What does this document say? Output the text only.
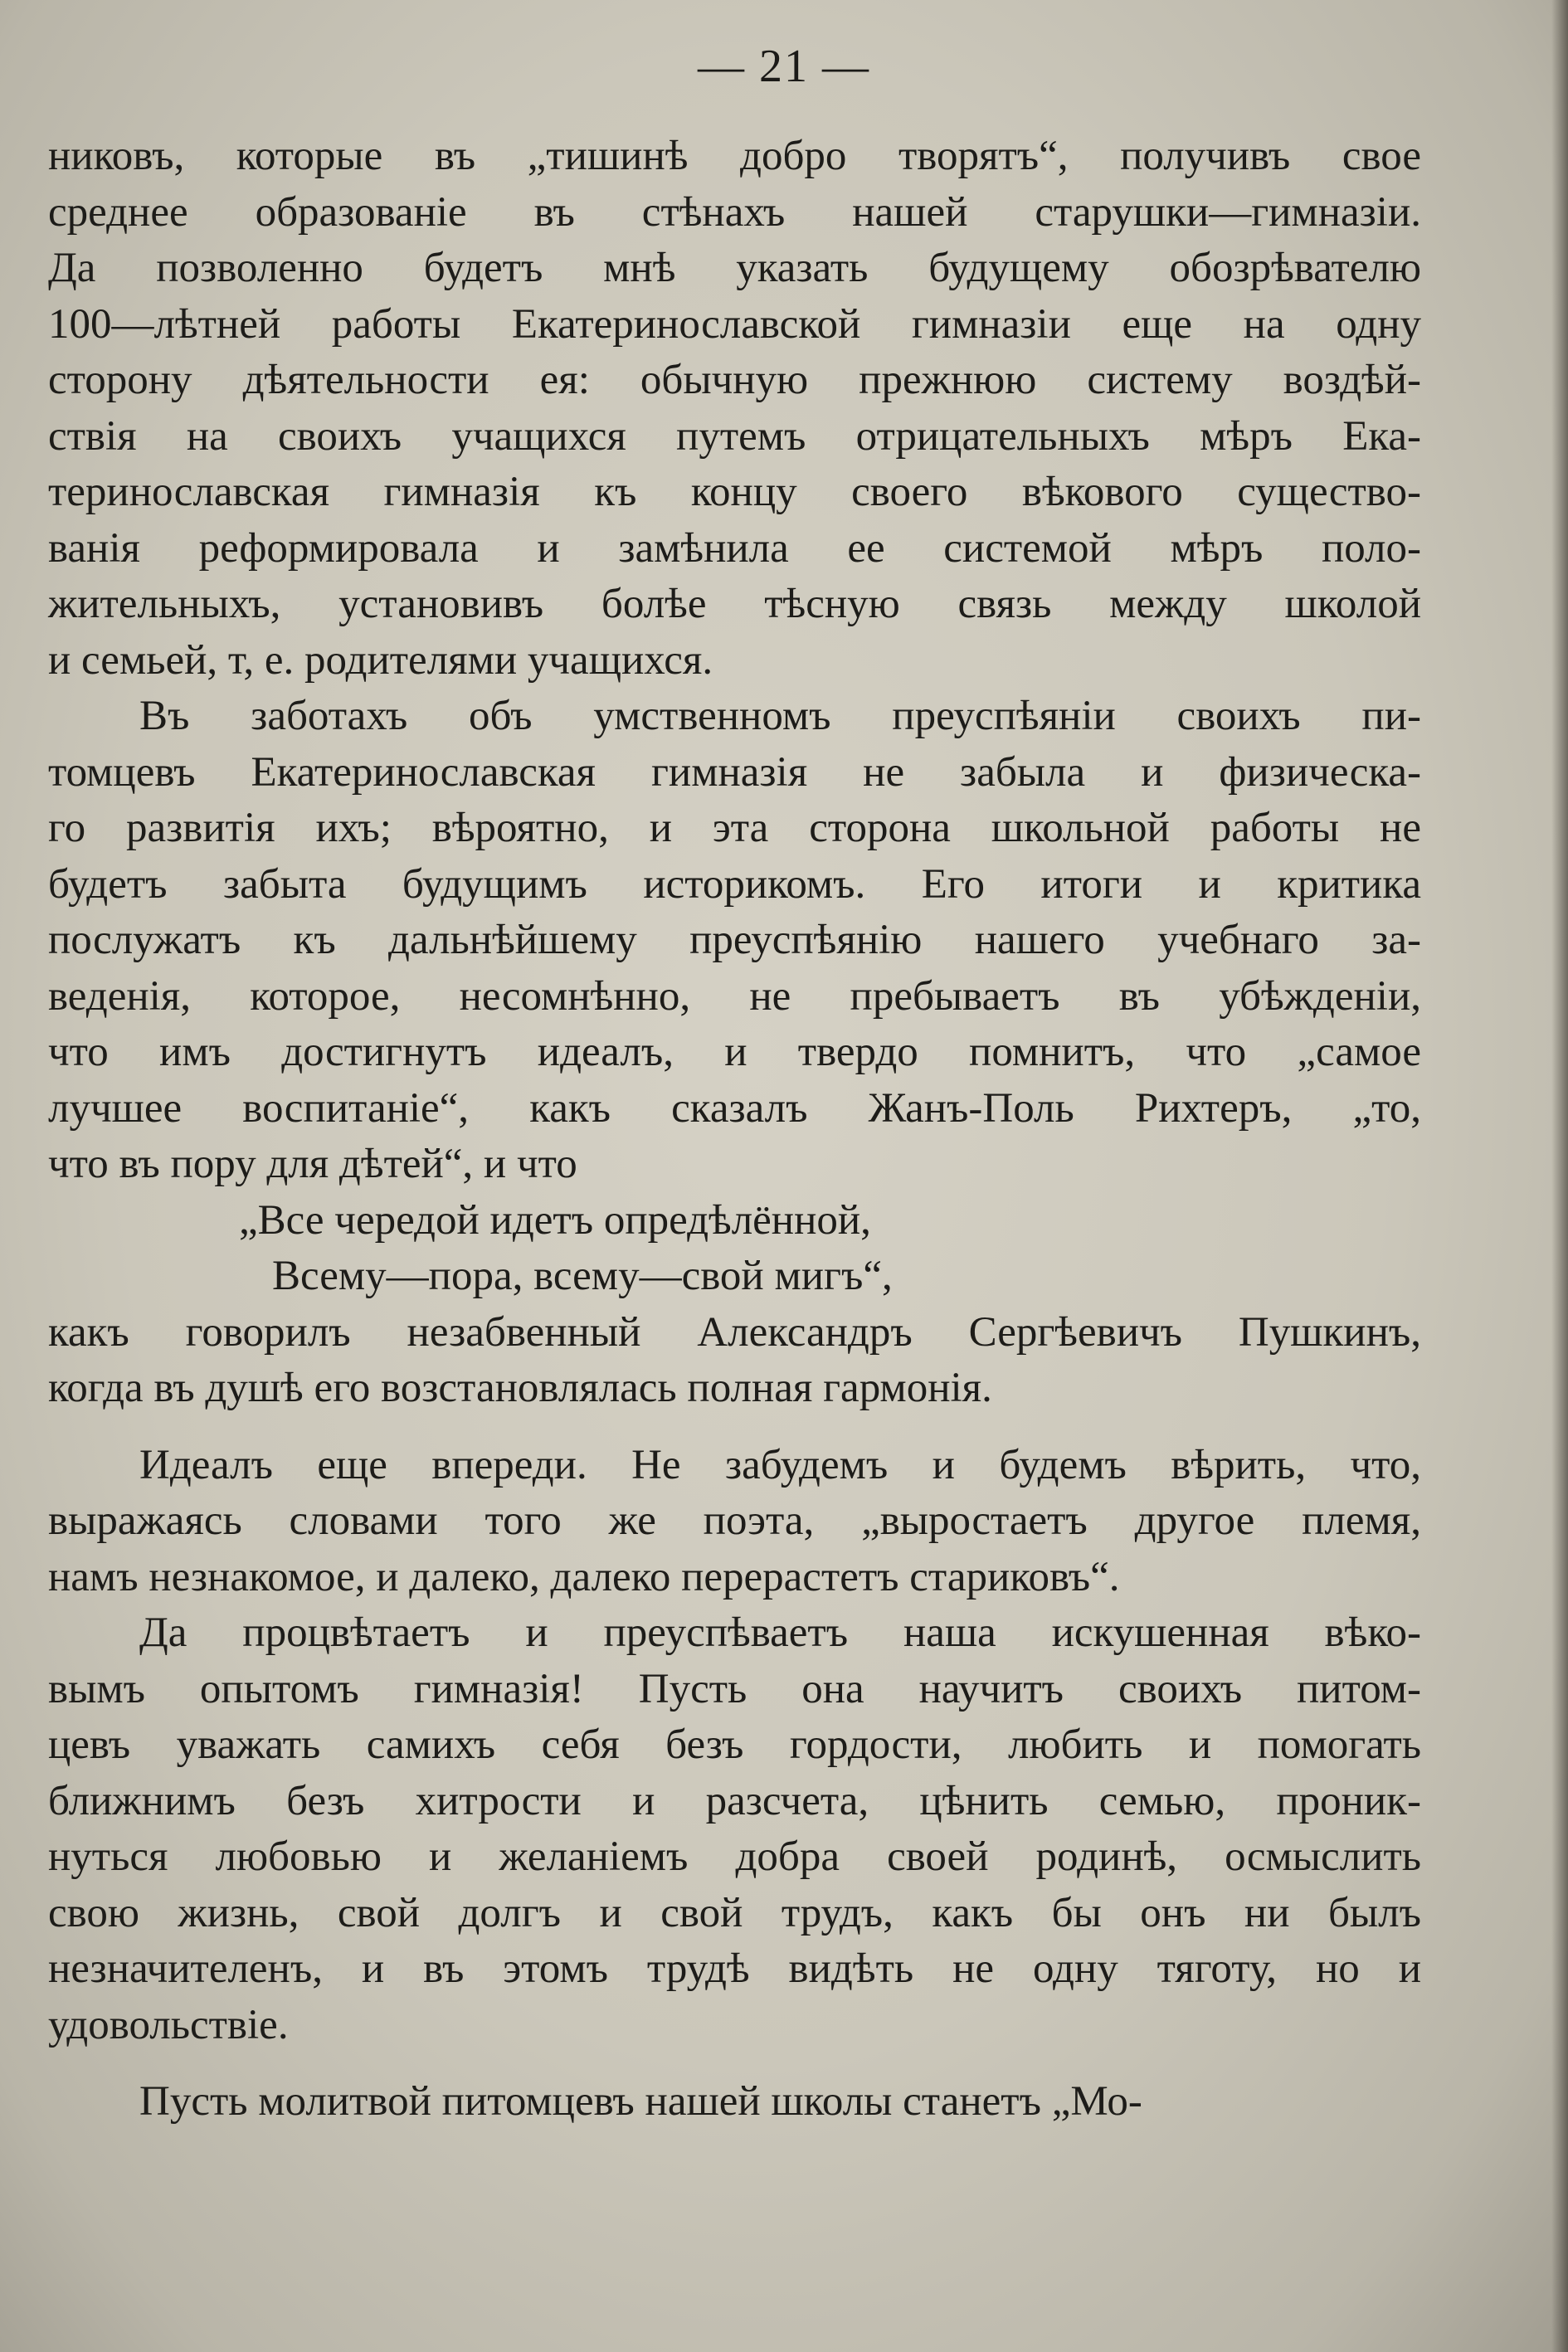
— 21 —
никовъ, которые въ „тишинѣ добро творятъ“, получивъ свое
среднее образованіе въ стѣнахъ нашей старушки—гимназіи.
Да позволенно будетъ мнѣ указать будущему обозрѣвателю
100—лѣтней работы Екатеринославской гимназіи еще на одну
сторону дѣятельности ея: обычную прежнюю систему воздѣй-
ствія на своихъ учащихся путемъ отрицательныхъ мѣръ Ека-
теринославская гимназія къ концу своего вѣкового существо-
ванія реформировала и замѣнила ее системой мѣръ поло-
жительныхъ, установивъ болѣе тѣсную связь между школой
и семьей, т, е. родителями учащихся.
Въ заботахъ объ умственномъ преуспѣяніи своихъ пи-
томцевъ Екатеринославская гимназія не забыла и физическа-
го развитія ихъ; вѣроятно, и эта сторона школьной работы не
будетъ забыта будущимъ историкомъ. Его итоги и критика
послужатъ къ дальнѣйшему преуспѣянію нашего учебнаго за-
веденія, которое, несомнѣнно, не пребываетъ въ убѣжденіи,
что имъ достигнутъ идеалъ, и твердо помнитъ, что „самое
лучшее воспитаніе“, какъ сказалъ Жанъ-Поль Рихтеръ, „то,
что въ пору для дѣтей“, и что
„Все чередой идетъ опредѣлённой,
Всему—пора, всему—свой мигъ“,
какъ говорилъ незабвенный Александръ Сергѣевичъ Пушкинъ,
когда въ душѣ его возстановлялась полная гармонія.
Идеалъ еще впереди. Не забудемъ и будемъ вѣрить, что,
выражаясь словами того же поэта, „выростаетъ другое племя,
намъ незнакомое, и далеко, далеко перерастетъ стариковъ“.
Да процвѣтаетъ и преуспѣваетъ наша искушенная вѣко-
вымъ опытомъ гимназія! Пусть она научитъ своихъ питом-
цевъ уважать самихъ себя безъ гордости, любить и помогать
ближнимъ безъ хитрости и разсчета, цѣнить семью, проник-
нуться любовью и желаніемъ добра своей родинѣ, осмыслить
свою жизнь, свой долгъ и свой трудъ, какъ бы онъ ни былъ
незначителенъ, и въ этомъ трудѣ видѣть не одну тяготу, но и
удовольствіе.
Пусть молитвой питомцевъ нашей школы станетъ „Мо-
